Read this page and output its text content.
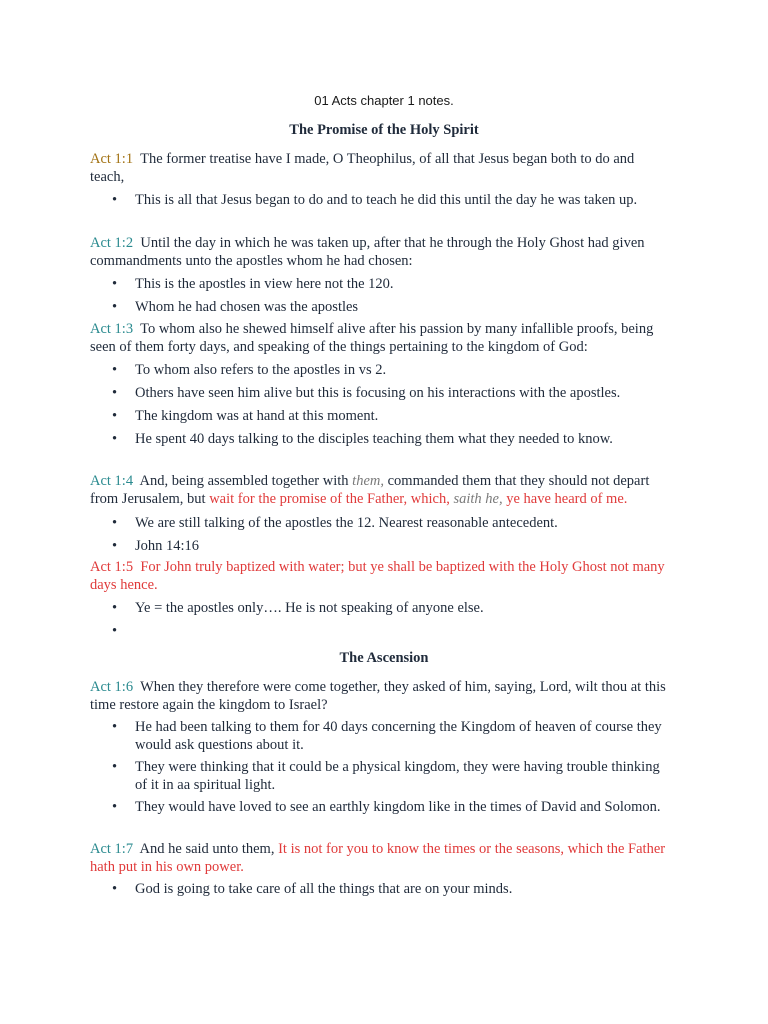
01 Acts chapter 1 notes.
The Promise of the Holy Spirit
Act 1:1 The former treatise have I made, O Theophilus, of all that Jesus began both to do and teach,
• This is all that Jesus began to do and to teach he did this until the day he was taken up.
Act 1:2 Until the day in which he was taken up, after that he through the Holy Ghost had given commandments unto the apostles whom he had chosen:
• This is the apostles in view here not the 120.
• Whom he had chosen was the apostles
Act 1:3 To whom also he shewed himself alive after his passion by many infallible proofs, being seen of them forty days, and speaking of the things pertaining to the kingdom of God:
• To whom also refers to the apostles in vs 2.
• Others have seen him alive but this is focusing on his interactions with the apostles.
• The kingdom was at hand at this moment.
• He spent 40 days talking to the disciples teaching them what they needed to know.
Act 1:4 And, being assembled together with them, commanded them that they should not depart from Jerusalem, but wait for the promise of the Father, which, saith he, ye have heard of me.
• We are still talking of the apostles the 12. Nearest reasonable antecedent.
• John 14:16
Act 1:5 For John truly baptized with water; but ye shall be baptized with the Holy Ghost not many days hence.
• Ye = the apostles only…. He is not speaking of anyone else.
•
The Ascension
Act 1:6 When they therefore were come together, they asked of him, saying, Lord, wilt thou at this time restore again the kingdom to Israel?
• He had been talking to them for 40 days concerning the Kingdom of heaven of course they would ask questions about it.
• They were thinking that it could be a physical kingdom, they were having trouble thinking of it in aa spiritual light.
• They would have loved to see an earthly kingdom like in the times of David and Solomon.
Act 1:7 And he said unto them, It is not for you to know the times or the seasons, which the Father hath put in his own power.
• God is going to take care of all the things that are on your minds.
